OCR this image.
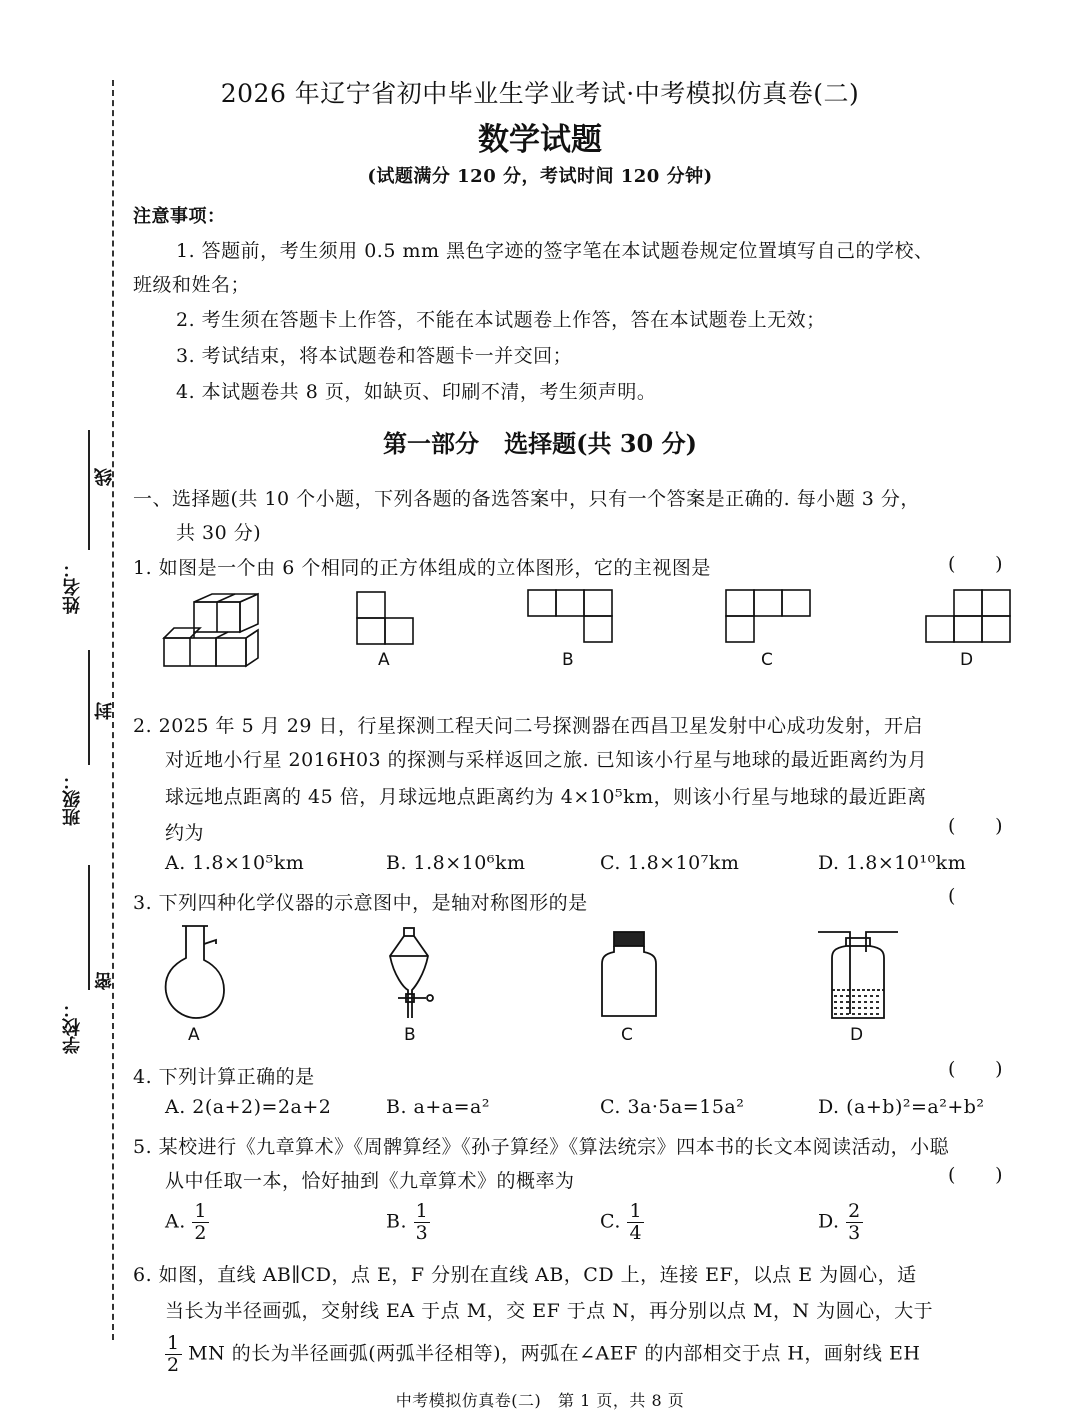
线
封
密
姓名：
班级：
学校：
2026 年辽宁省初中毕业生学业考试·中考模拟仿真卷(二)
数学试题
(试题满分 120 分，考试时间 120 分钟)
注意事项：
1. 答题前，考生须用 0.5 mm 黑色字迹的签字笔在本试题卷规定位置填写自己的学校、
班级和姓名；
2. 考生须在答题卡上作答，不能在本试题卷上作答，答在本试题卷上无效；
3. 考试结束，将本试题卷和答题卡一并交回；
4. 本试题卷共 8 页，如缺页、印刷不清，考生须声明。
第一部分   选择题(共 30 分)
一、选择题(共 10 个小题，下列各题的备选答案中，只有一个答案是正确的. 每小题 3 分，
共 30 分)
1. 如图是一个由 6 个相同的正方体组成的立体图形，它的主视图是	(      )
A	B	C	D
2. 2025 年 5 月 29 日，行星探测工程天问二号探测器在西昌卫星发射中心成功发射，开启
对近地小行星 2016H03 的探测与采样返回之旅. 已知该小行星与地球的最近距离约为月
球远地点距离的 45 倍，月球远地点距离约为 4×10⁵km，则该小行星与地球的最近距离
约为	(      )
A. 1.8×10⁵km	B. 1.8×10⁶km	C. 1.8×10⁷km	D. 1.8×10¹⁰km
3. 下列四种化学仪器的示意图中，是轴对称图形的是	(
A	B	C	D
4. 下列计算正确的是	(      )
A. 2(a+2)=2a+2	B. a+a=a²	C. 3a·5a=15a²	D. (a+b)²=a²+b²
5. 某校进行《九章算术》《周髀算经》《孙子算经》《算法统宗》四本书的长文本阅读活动，小聪
从中任取一本，恰好抽到《九章算术》的概率为	(      )
A. $\frac{1}{2}$	B. $\frac{1}{3}$	C. $\frac{1}{4}$	D. $\frac{2}{3}$
6. 如图，直线 AB∥CD，点 E，F 分别在直线 AB，CD 上，连接 EF，以点 E 为圆心，适
当长为半径画弧，交射线 EA 于点 M，交 EF 于点 N，再分别以点 M，N 为圆心，大于
$\frac{1}{2}$ MN 的长为半径画弧(两弧半径相等)，两弧在∠AEF 的内部相交于点 H，画射线 EH
中考模拟仿真卷(二)   第 1 页，共 8 页
